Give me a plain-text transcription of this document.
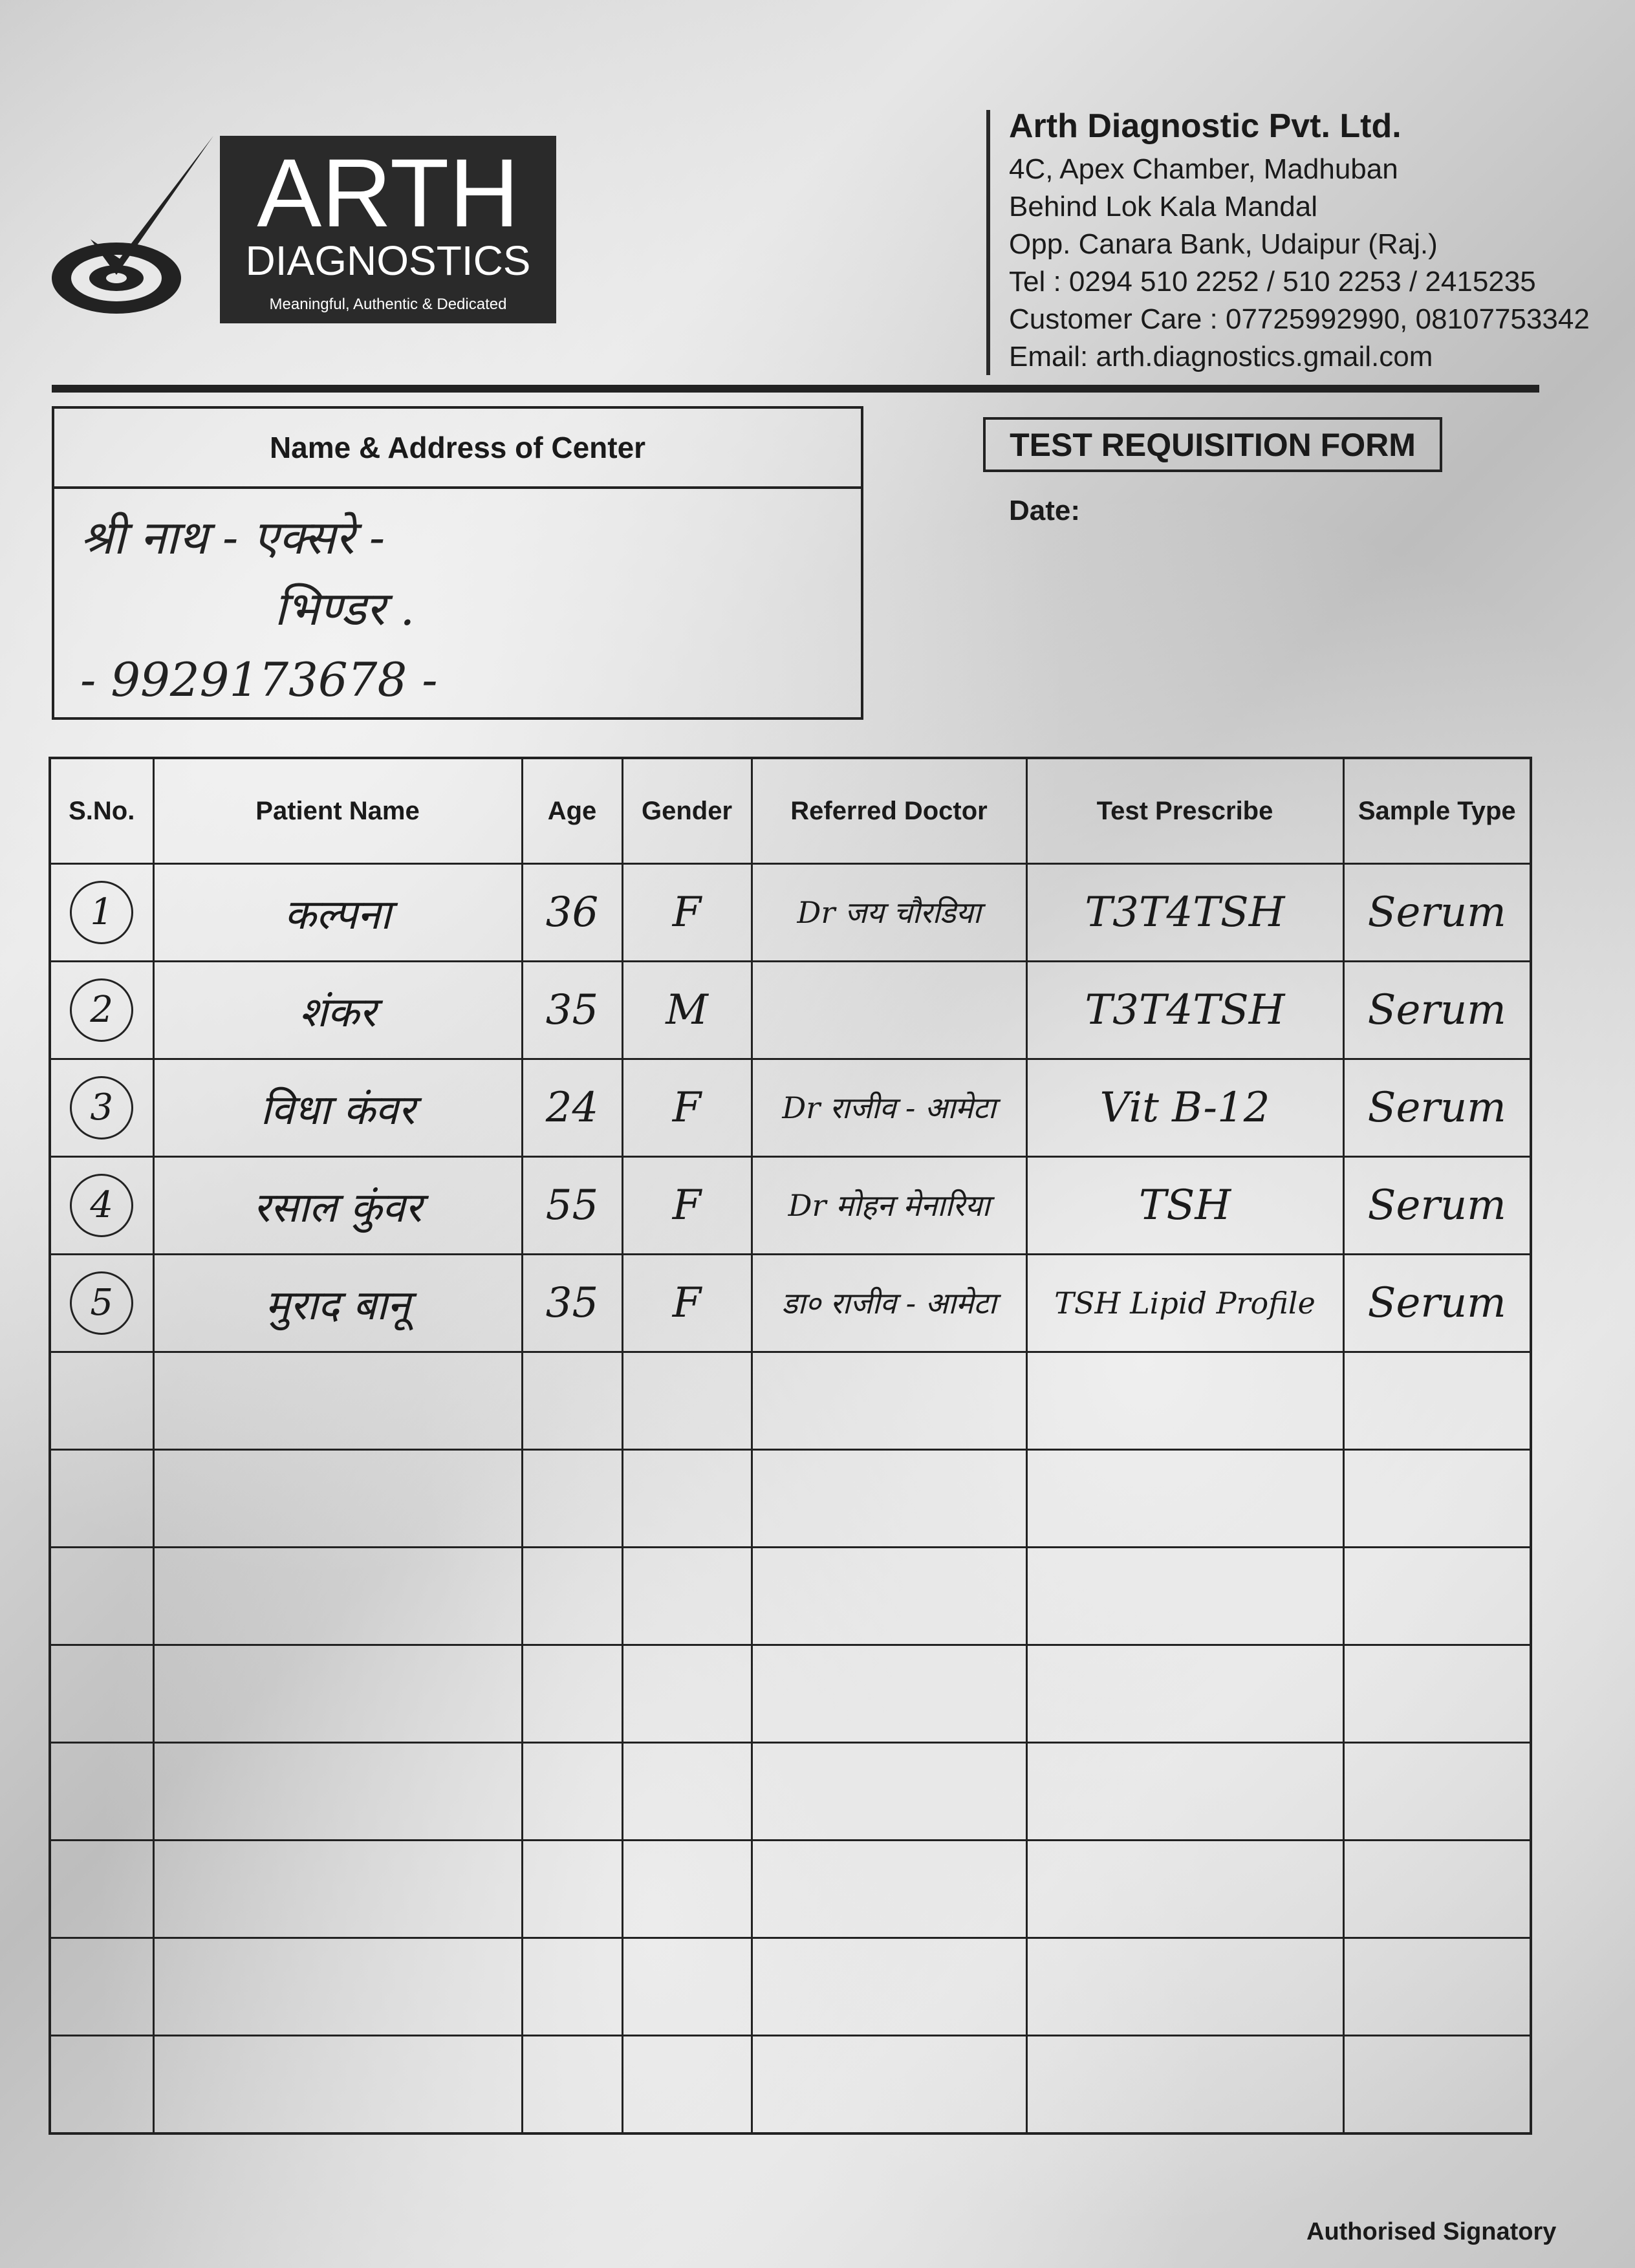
ARTH
DIAGNOSTICS
Meaningful, Authentic & Dedicated
Arth Diagnostic Pvt. Ltd.
4C, Apex Chamber, Madhuban
Behind Lok Kala Mandal
Opp. Canara Bank, Udaipur (Raj.)
Tel : 0294 510 2252 / 510 2253 / 2415235
Customer Care : 07725992990, 08107753342
Email: arth.diagnostics.gmail.com
Name & Address of Center
श्री नाथ - एक्सरे -
भिण्डर .
- 9929173678 -
TEST REQUISITION FORM
Date:
S.No.	Patient Name	Age	Gender	Referred Doctor	Test Prescribe	Sample Type
1	कल्पना	36	F	Dr जय चौरडिया	T3T4TSH	Serum
2	शंकर	35	M		T3T4TSH	Serum
3	विधा कंवर	24	F	Dr राजीव - आमेटा	Vit B-12	Serum
4	रसाल कुंवर	55	F	Dr मोहन मेनारिया	TSH	Serum
5	मुराद बानू	35	F	डा० राजीव - आमेटा	TSH Lipid Profile	Serum

Authorised Signatory
